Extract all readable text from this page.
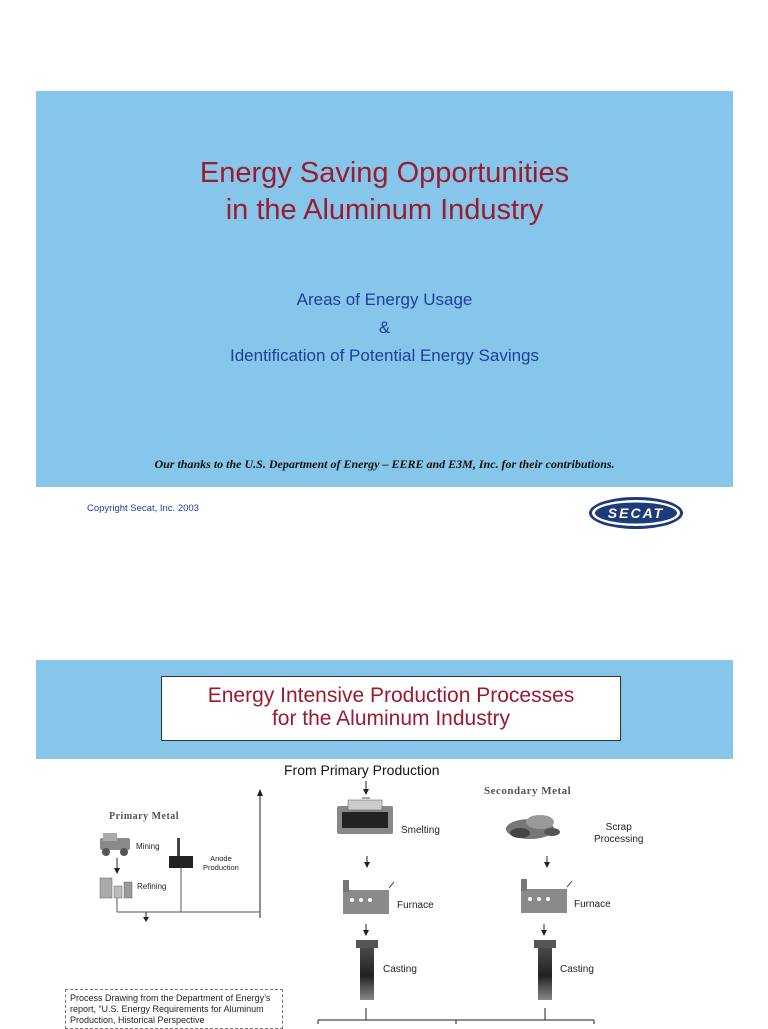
Energy Saving Opportunities
in the Aluminum Industry
Areas of Energy Usage
&
Identification of Potential Energy Savings
Our thanks to the U.S. Department of Energy – EERE and E3M, Inc. for their contributions.
Copyright Secat, Inc. 2003	SECAT
Energy Intensive Production Processes
for the Aluminum Industry
From Primary Production
Primary Metal
Secondary Metal
Mining
Anode
Production
Refining
Smelting	Scrap
Processing
Furnace	Furnace
Casting	Casting
Process Drawing from the Department of Energy’s report, “U.S. Energy Requirements for Aluminum Production, Historical Perspective
